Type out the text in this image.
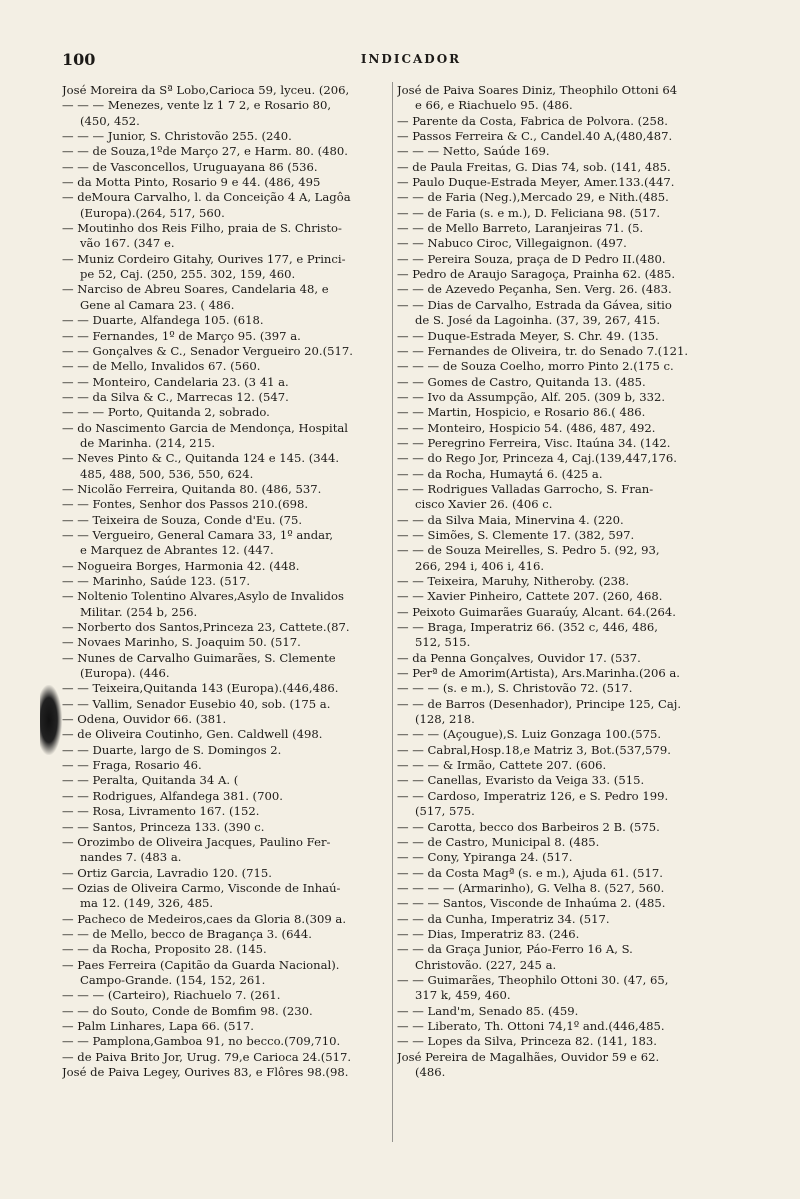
100	INDICADOR
José Moreira da Sª Lobo,Carioca 59, lyceu. (206,
— — — Menezes, vente lz 1 7 2, e Rosario 80,
(450, 452.
— — — Junior, S. Christovão 255. (240.
— — de Souza,1ºde Março 27, e Harm. 80. (480.
— — de Vasconcellos, Uruguayana 86 (536.
— da Motta Pinto, Rosario 9 e 44. (486, 495
— deMoura Carvalho, l. da Conceição 4 A, Lagôa
(Europa).(264, 517, 560.
— Moutinho dos Reis Filho, praia de S. Christo-
vão 167. (347 e.
— Muniz Cordeiro Gitahy, Ourives 177, e Princi-
pe 52, Caj. (250, 255. 302, 159, 460.
— Narciso de Abreu Soares, Candelaria 48, e
Gene al Camara 23. ( 486.
— — Duarte, Alfandega 105. (618.
— — Fernandes, 1º de Março 95. (397 a.
— — Gonçalves & C., Senador Vergueiro 20.(517.
— — de Mello, Invalidos 67. (560.
— — Monteiro, Candelaria 23. (3 41 a.
— — da Silva & C., Marrecas 12. (547.
— — — Porto, Quitanda 2, sobrado.
— do Nascimento Garcia de Mendonça, Hospital
de Marinha. (214, 215.
— Neves Pinto & C., Quitanda 124 e 145. (344.
485, 488, 500, 536, 550, 624.
— Nicolão Ferreira, Quitanda 80. (486, 537.
— — Fontes, Senhor dos Passos 210.(698.
— — Teixeira de Souza, Conde d'Eu. (75.
— — Vergueiro, General Camara 33, 1º andar,
e Marquez de Abrantes 12. (447.
— Nogueira Borges, Harmonia 42. (448.
— — Marinho, Saúde 123. (517.
— Noltenio Tolentino Alvares,Asylo de Invalidos
Militar. (254 b, 256.
— Norberto dos Santos,Princeza 23, Cattete.(87.
— Novaes Marinho, S. Joaquim 50. (517.
— Nunes de Carvalho Guimarães, S. Clemente
(Europa). (446.
— — Teixeira,Quitanda 143 (Europa).(446,486.
— — Vallim, Senador Eusebio 40, sob. (175 a.
— Odena, Ouvidor 66. (381.
— de Oliveira Coutinho, Gen. Caldwell (498.
— — Duarte, largo de S. Domingos 2.
— — Fraga, Rosario 46.
— — Peralta, Quitanda 34 A. (
— — Rodrigues, Alfandega 381. (700.
— — Rosa, Livramento 167. (152.
— — Santos, Princeza 133. (390 c.
— Orozimbo de Oliveira Jacques, Paulino Fer-
nandes 7. (483 a.
— Ortiz Garcia, Lavradio 120. (715.
— Ozias de Oliveira Carmo, Visconde de Inhaú-
ma 12. (149, 326, 485.
— Pacheco de Medeiros,caes da Gloria 8.(309 a.
— — de Mello, becco de Bragança 3. (644.
— — da Rocha, Proposito 28. (145.
— Paes Ferreira (Capitão da Guarda Nacional).
Campo-Grande. (154, 152, 261.
— — — (Carteiro), Riachuelo 7. (261.
— — do Souto, Conde de Bomfim 98. (230.
— Palm Linhares, Lapa 66. (517.
— — Pamplona,Gamboa 91, no becco.(709,710.
— de Paiva Brito Jor, Urug. 79,e Carioca 24.(517.
José de Paiva Legey, Ourives 83, e Flôres 98.(98.
José de Paiva Soares Diniz, Theophilo Ottoni 64
e 66, e Riachuelo 95. (486.
— Parente da Costa, Fabrica de Polvora. (258.
— Passos Ferreira & C., Candel.40 A,(480,487.
— — — Netto, Saúde 169.
— de Paula Freitas, G. Dias 74, sob. (141, 485.
— Paulo Duque-Estrada Meyer, Amer.133.(447.
— — de Faria (Neg.),Mercado 29, e Nith.(485.
— — de Faria (s. e m.), D. Feliciana 98. (517.
— — de Mello Barreto, Laranjeiras 71. (5.
— — Nabuco Ciroc, Villegaignon. (497.
— — Pereira Souza, praça de D Pedro II.(480.
— Pedro de Araujo Saragoça, Prainha 62. (485.
— — de Azevedo Peçanha, Sen. Verg. 26. (483.
— — Dias de Carvalho, Estrada da Gávea, sitio
de S. José da Lagoinha. (37, 39, 267, 415.
— — Duque-Estrada Meyer, S. Chr. 49. (135.
— — Fernandes de Oliveira, tr. do Senado 7.(121.
— — — de Souza Coelho, morro Pinto 2.(175 c.
— — Gomes de Castro, Quitanda 13. (485.
— — Ivo da Assumpção, Alf. 205. (309 b, 332.
— — Martin, Hospicio, e Rosario 86.( 486.
— — Monteiro, Hospicio 54. (486, 487, 492.
— — Peregrino Ferreira, Visc. Itaúna 34. (142.
— — do Rego Jor, Princeza 4, Caj.(139,447,176.
— — da Rocha, Humaytá 6. (425 a.
— — Rodrigues Valladas Garrocho, S. Fran-
cisco Xavier 26. (406 c.
— — da Silva Maia, Minervina 4. (220.
— — Simões, S. Clemente 17. (382, 597.
— — de Souza Meirelles, S. Pedro 5. (92, 93,
266, 294 i, 406 i, 416.
— — Teixeira, Maruhy, Nitheroby. (238.
— — Xavier Pinheiro, Cattete 207. (260, 468.
— Peixoto Guimarães Guaraúy, Alcant. 64.(264.
— — Braga, Imperatriz 66. (352 c, 446, 486,
512, 515.
— da Penna Gonçalves, Ouvidor 17. (537.
— Perª de Amorim(Artista), Ars.Marinha.(206 a.
— — — (s. e m.), S. Christovão 72. (517.
— — de Barros (Desenhador), Principe 125, Caj.
(128, 218.
— — — (Açougue),S. Luiz Gonzaga 100.(575.
— — Cabral,Hosp.18,e Matriz 3, Bot.(537,579.
— — — & Irmão, Cattete 207. (606.
— — Canellas, Evaristo da Veiga 33. (515.
— — Cardoso, Imperatriz 126, e S. Pedro 199.
(517, 575.
— — Carotta, becco dos Barbeiros 2 B. (575.
— — de Castro, Municipal 8. (485.
— — Cony, Ypiranga 24. (517.
— — da Costa Magª (s. e m.), Ajuda 61. (517.
— — — — (Armarinho), G. Velha 8. (527, 560.
— — — Santos, Visconde de Inhaúma 2. (485.
— — da Cunha, Imperatriz 34. (517.
— — Dias, Imperatriz 83. (246.
— — da Graça Junior, Páo-Ferro 16 A, S.
Christovão. (227, 245 a.
— — Guimarães, Theophilo Ottoni 30. (47, 65,
317 k, 459, 460.
— — Land'm, Senado 85. (459.
— — Liberato, Th. Ottoni 74,1º and.(446,485.
— — Lopes da Silva, Princeza 82. (141, 183.
José Pereira de Magalhães, Ouvidor 59 e 62.
(486.
